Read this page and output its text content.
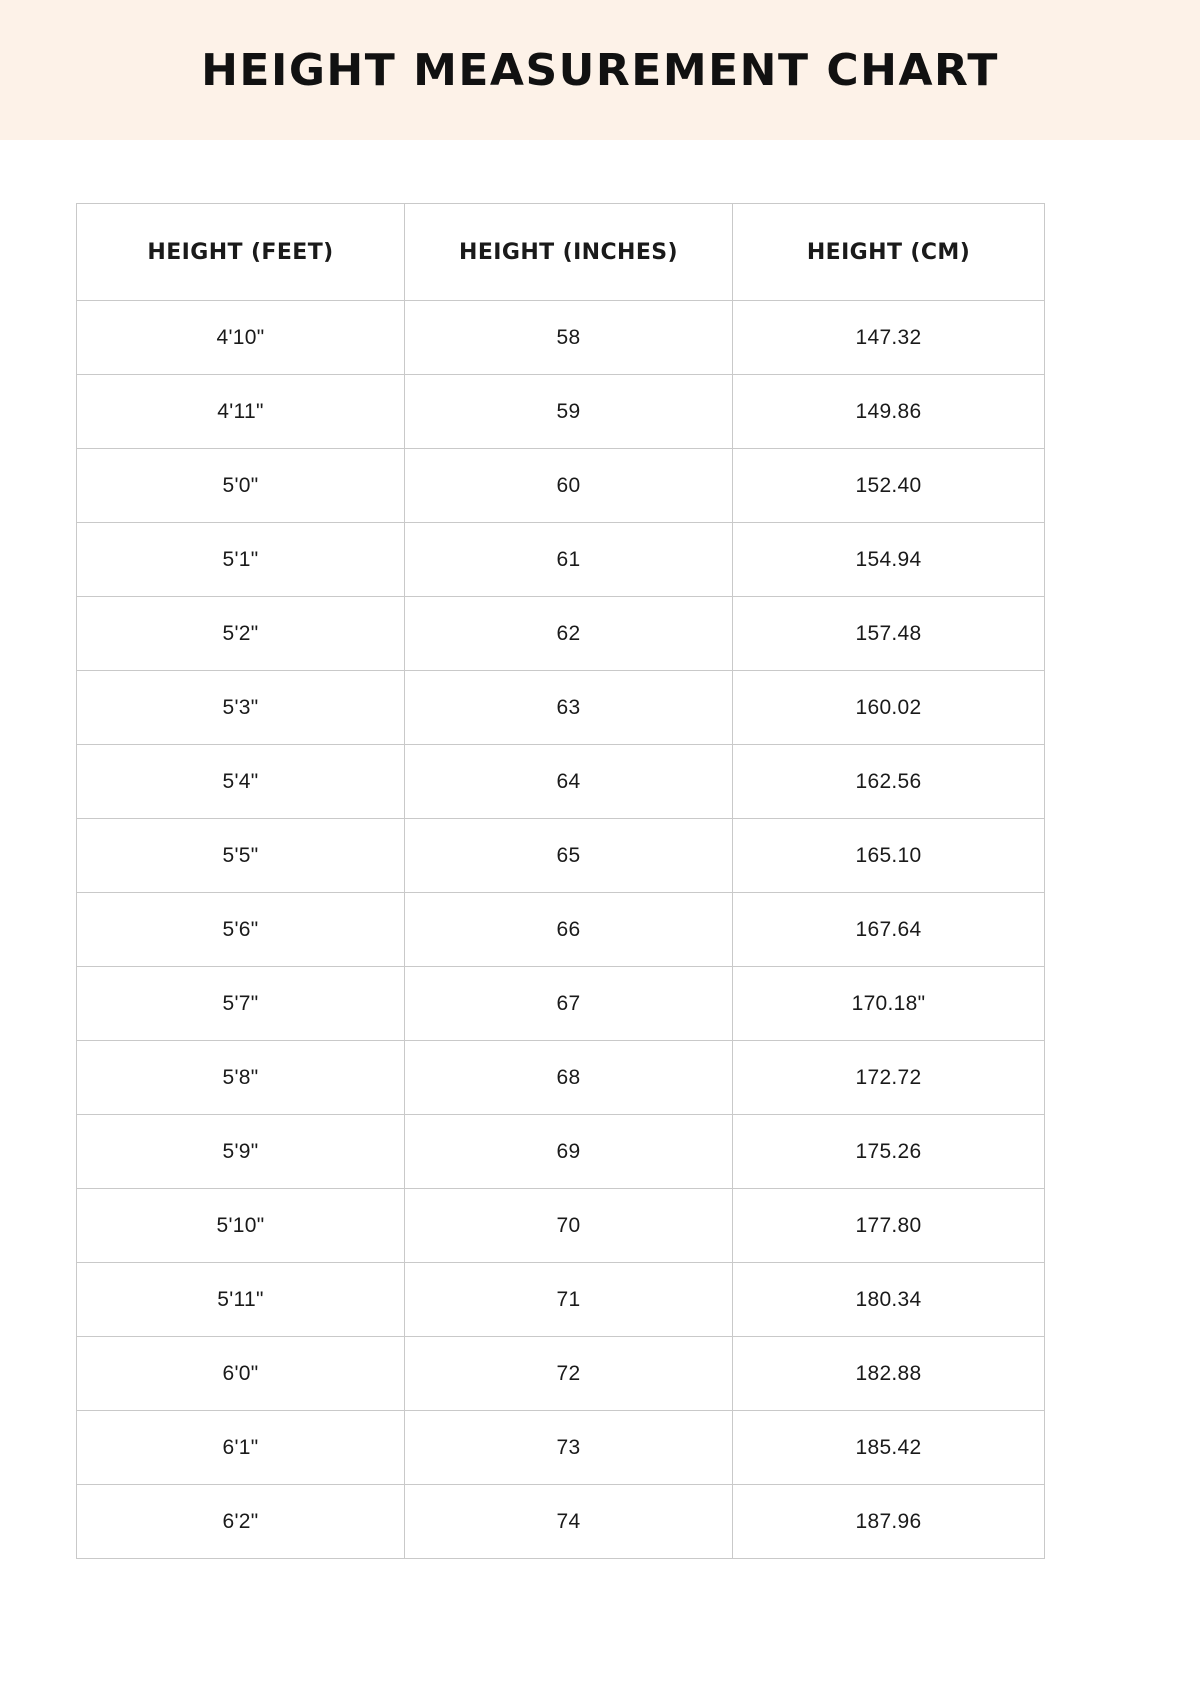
HEIGHT MEASUREMENT CHART
HEIGHT (FEET)	HEIGHT (INCHES)	HEIGHT (CM)
4'10"	58	147.32
4'11"	59	149.86
5'0"	60	152.40
5'1"	61	154.94
5'2"	62	157.48
5'3"	63	160.02
5'4"	64	162.56
5'5"	65	165.10
5'6"	66	167.64
5'7"	67	170.18"
5'8"	68	172.72
5'9"	69	175.26
5'10"	70	177.80
5'11"	71	180.34
6'0"	72	182.88
6'1"	73	185.42
6'2"	74	187.96
